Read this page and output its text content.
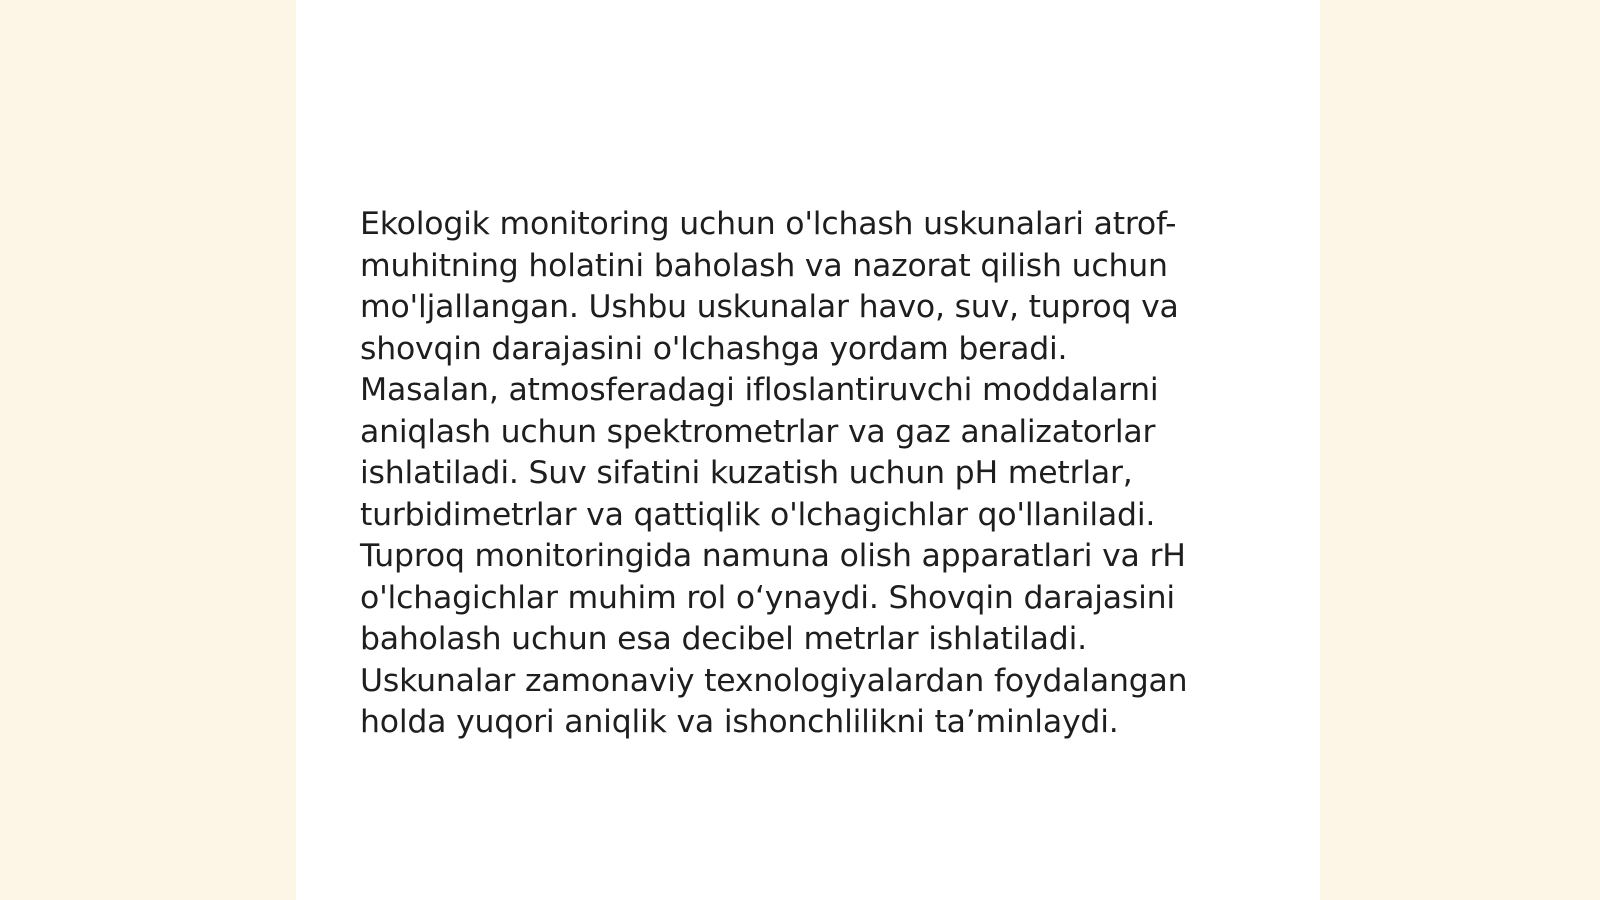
Ekologik monitoring uchun o'lchash uskunalari atrof-
muhitning holatini baholash va nazorat qilish uchun
mo'ljallangan. Ushbu uskunalar havo, suv, tuproq va
shovqin darajasini o'lchashga yordam beradi.
Masalan, atmosferadagi ifloslantiruvchi moddalarni
aniqlash uchun spektrometrlar va gaz analizatorlar
ishlatiladi. Suv sifatini kuzatish uchun pH metrlar,
turbidimetrlar va qattiqlik o'lchagichlar qo'llaniladi.
Tuproq monitoringida namuna olish apparatlari va rH
o'lchagichlar muhim rol o‘ynaydi. Shovqin darajasini
baholash uchun esa decibel metrlar ishlatiladi.
Uskunalar zamonaviy texnologiyalardan foydalangan
holda yuqori aniqlik va ishonchlilikni ta’minlaydi.
